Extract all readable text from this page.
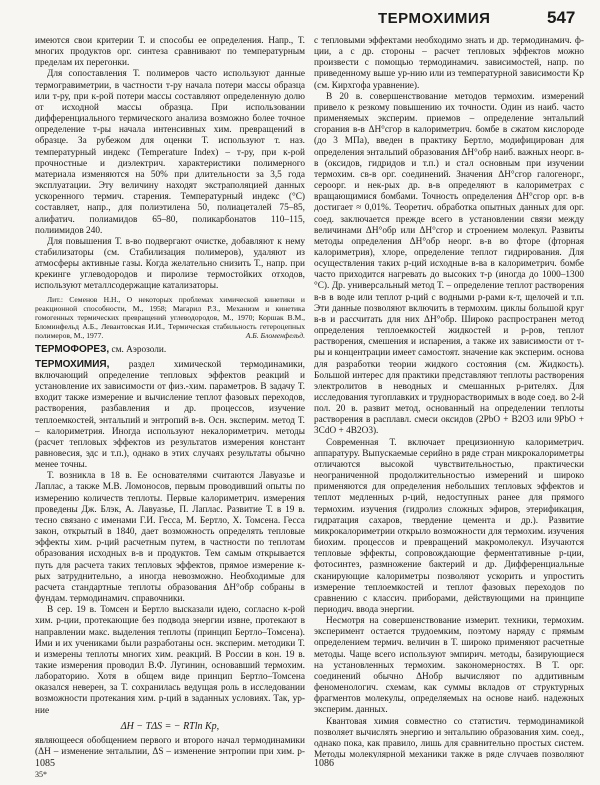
ТЕРМОХИМИЯ	547

имеются свои критерии Т. и способы ее определения. Напр., Т. многих продуктов орг. синтеза сравнивают по температурным пределам их перегонки.

Для сопоставления Т. полимеров часто используют данные термогравиметрии, в частности т-ру начала потери массы образца или т-ру, при к-рой потери массы составляют определенную долю от исходной массы образца. При использовании дифференциального термического анализа возможно более точное определение т-ры начала интенсивных хим. превращений в образце. За рубежом для оценки Т. используют т. наз. температурный индекс (Temperature Index) – т-ру, при к-рой прочностные и диэлектрич. характеристики полимерного материала изменяются на 50% при длительности за 3,5 года эксплуатации. Эту величину находят экстраполяцией данных ускоренного термич. старения. Температурный индекс (°С) составляет, напр., для полиэтилена 50, полиацеталей 75–85, алифатич. полиамидов 65–80, поликарбонатов 110–115, полиимидов 240.

Для повышения Т. в-во подвергают очистке, добавляют к нему стабилизаторы (см. Стабилизация полимеров), удаляют из атмосферы активные газы. Когда желательно снизить Т., напр. при крекинге углеводородов и пиролизе термостойких отходов, используют металлсодержащие катализаторы.

Лит.: Семенов Н.Н., О некоторых проблемах химической кинетики и реакционной способности, М., 1958; Магарил Р.З., Механизм и кинетика гомогенных термических превращений углеводородов, М., 1970; Коршак В.М., Бломинфельд А.Б., Левантовская И.И., Термическая стабильность гетероцепных полимеров, М., 1977.	А.Б. Бломенфельд.

ТЕРМОФОРЕЗ, см. Аэрозоли.

ТЕРМОХИМИЯ, раздел химической термодинамики, включающий определение тепловых эффектов реакций и установление их зависимости от физ.-хим. параметров. В задачу Т. входит также измерение и вычисление теплот фазовых переходов, растворения, разбавления и др. процессов, изучение теплоемкостей, энтальпий и энтропий в-в. Осн. эксперим. метод Т. – калориметрия. Иногда используют некалориметрич. методы (расчет тепловых эффектов из результатов измерения констант равновесия, эдс и т.п.), однако в этих случаях результаты обычно менее точны.

Т. возникла в 18 в. Ее основателями считаются Лавуазье и Лаплас, а также М.В. Ломоносов, первым проводивший опыты по измерению количеств теплоты. Первые калориметрич. измерения проведены Дж. Блэк, А. Лавуазье, П. Лаплас. Развитие Т. в 19 в. тесно связано с именами Г.И. Гесса, М. Бертло, Х. Томсена. Гесса закон, открытый в 1840, дает возможность определять тепловые эффекты хим. р-ций расчетным путем, в частности по теплотам образования исходных в-в и продуктов. Тем самым открывается путь для расчета таких тепловых эффектов, прямое измерение к-рых затруднительно, а иногда невозможно. Необходимые для расчета стандартные теплоты образования ΔH°обр собраны в фундам. термодинамич. справочники.

В сер. 19 в. Томсен и Бертло высказали идею, согласно к-рой хим. р-ции, протекающие без подвода энергии извне, протекают в направлении макс. выделения теплоты (принцип Бертло–Томсена). Ими и их учениками были разработаны осн. эксперим. методики Т. и измерены теплоты многих хим. реакций. В России в кон. 19 в. такие измерения проводил В.Ф. Лугинин, основавший термохим. лабораторию. Хотя в общем виде принцип Бертло–Томсена оказался неверен, за Т. сохранилась ведущая роль в исследовании возможности протекания хим. р-ций в заданных условиях. Так, ур-ние

ΔH − TΔS = − RTln Kp,

являющееся обобщением первого и второго начал термодинамики (ΔH – изменение энтальпии, ΔS – изменение энтропии при хим. р-

с тепловыми эффектами необходимо знать и др. термодинамич. ф-ции, а с др. стороны – расчет тепловых эффектов можно произвести с помощью термодинамич. зависимостей, напр. по приведенному выше ур-нию или из температурной зависимости Kp (см. Кирхгофа уравнение).

В 20 в. совершенствование методов термохим. измерений привело к резкому повышению их точности. Один из наиб. часто применяемых эксперим. приемов – определение энтальпий сгорания в-в ΔH°сгор в калориметрич. бомбе в сжатом кислороде (до 3 МПа), введен в практику Бертло, модифицирован для определения энтальпий образования ΔH°обр наиб. важных неорг. в-в (оксидов, гидридов и т.п.) и стал основным при изучении термохим. св-в орг. соединений. Значения ΔH°сгор галогенорг., сероорг. и нек-рых др. в-в определяют в калориметрах с вращающимися бомбами. Точность определения ΔH°сгор орг. в-в достигает ≈ 0,01%. Теоретич. обработка опытных данных для орг. соед. заключается прежде всего в установлении связи между величинами ΔH°обр или ΔH°сгор и строением молекул. Развиты методы определения ΔH°обр неорг. в-в во фторе (фторная калориметрия), хлоре, определение теплот гидрирования. Для осуществления таких р-ций исходные в-ва в калориметрич. бомбе часто приходится нагревать до высоких т-р (иногда до 1000–1300 °С). Др. универсальный метод Т. – определение теплот растворения в-в в воде или теплот р-ций с водными р-рами к-т, щелочей и т.п. Эти данные позволяют включить в термохим. циклы большой круг в-в и рассчитать для них ΔH°обр. Широко распространен метод определения теплоемкостей жидкостей и р-ров, теплот растворения, смешения и испарения, а также их зависимости от т-ры и концентрации имеет самостоят. значение как эксперим. основа для разработки теории жидкого состояния (см. Жидкость). Большой интерес для практики представляют теплоты растворения электролитов в неводных и смешанных р-рителях. Для исследования тугоплавких и труднорастворимых в воде соед. во 2-й пол. 20 в. развит метод, основанный на определении теплоты растворения в расплавл. смеси оксидов (2PbO + B2O3 или 9PbO + 3CdO + 4B2O3).

Современная Т. включает прецизионную калориметрич. аппаратуру. Выпускаемые серийно в ряде стран микрокалориметры отличаются высокой чувствительностью, практически неограниченной продолжительностью измерений и широко применяются для определения небольших тепловых эффектов и теплот медленных р-ций, недоступных ранее для прямого термохим. изучения (гидролиз сложных эфиров, этерификация, гидратация сахаров, твердение цемента и др.). Развитие микрокалориметрии открыло возможности для термохим. изучения биохим. процессов и превращений макромолекул. Изучаются тепловые эффекты, сопровождающие ферментативные р-ции, фотосинтез, размножение бактерий и др. Дифференциальные сканирующие калориметры позволяют ускорить и упростить измерение теплоемкостей и теплот фазовых переходов по сравнению с классич. приборами, действующими на принципе периодич. ввода энергии.

Несмотря на совершенствование измерит. техники, термохим. эксперимент остается трудоемким, поэтому наряду с прямым определением термич. величин в Т. широко применяют расчетные методы. Чаще всего используют эмпирич. методы, базирующиеся на установленных термохим. закономерностях. В Т. орг. соединений обычно ΔHобр вычисляют по аддитивным феноменологич. схемам, как суммы вкладов от структурных фрагментов молекулы, определяемых на основе наиб. надежных эксперим. данных.

Квантовая химия совместно со статистич. термодинамикой позволяет вычислять энергию и энтальпию образования хим. соед., однако пока, как правило, лишь для сравнительно простых систем. Методы молекулярной механики также в ряде случаев позволяют

1085
35*
1086
